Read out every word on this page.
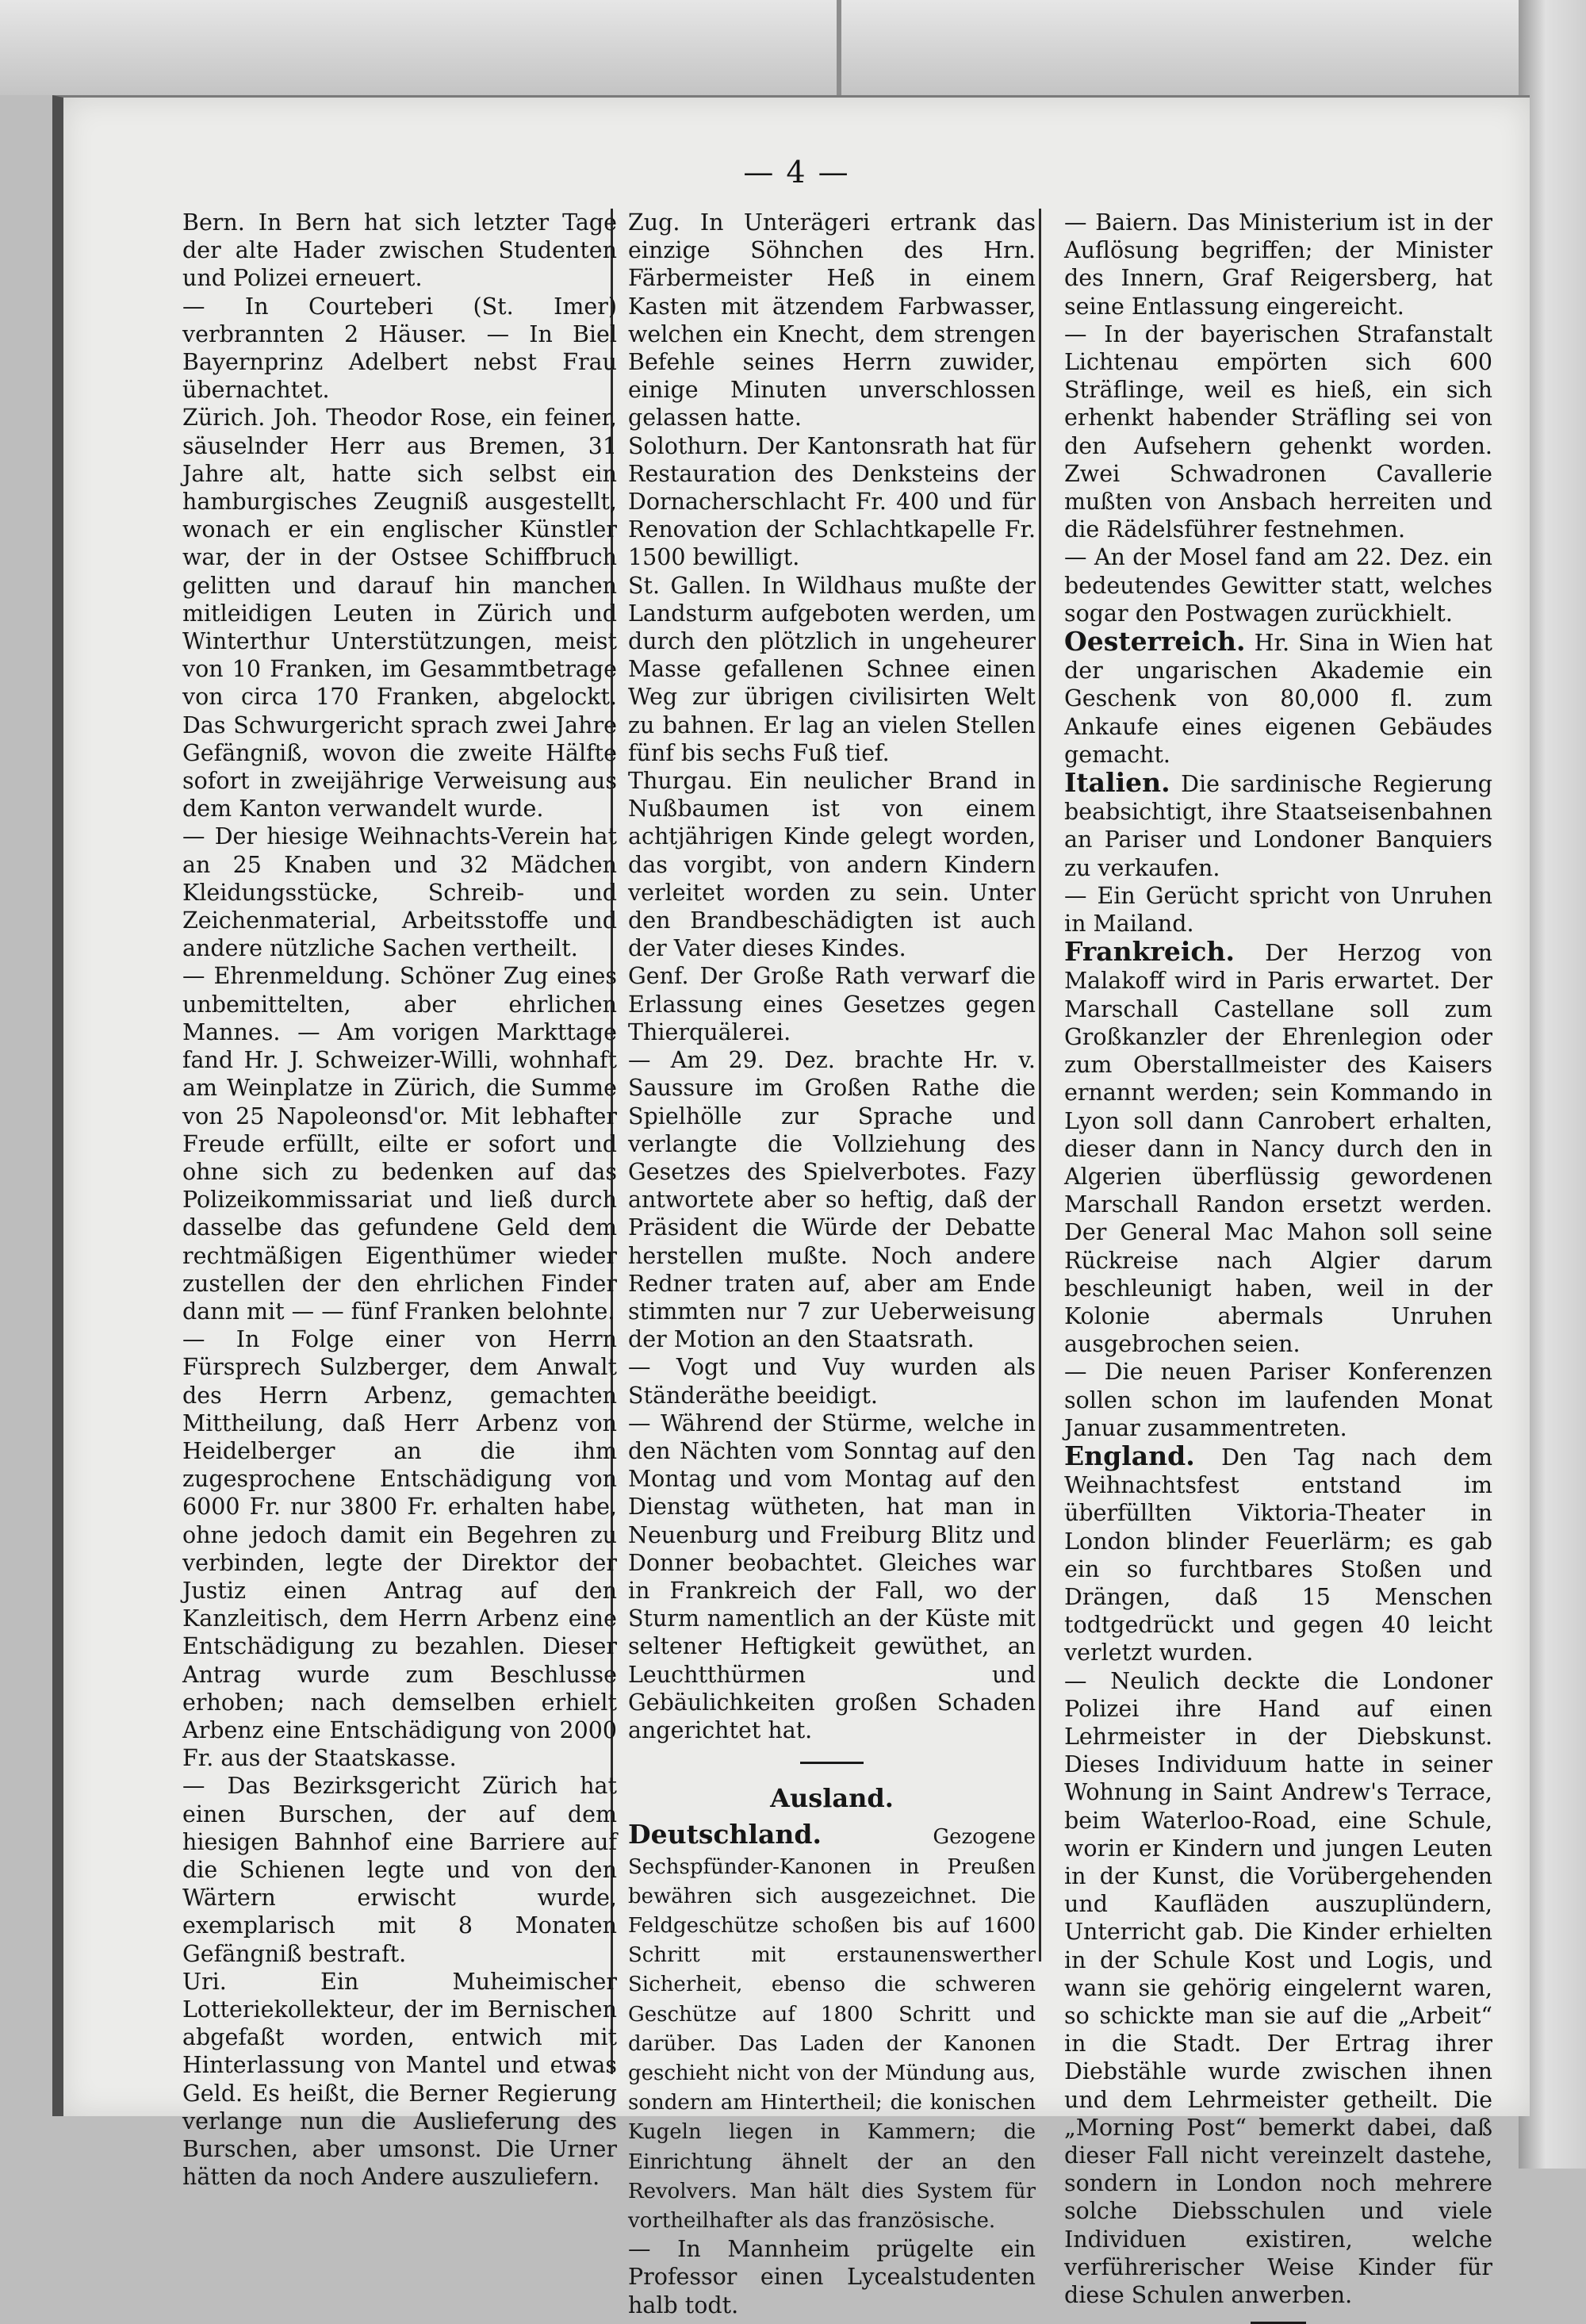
— 4 —

Bern. In Bern hat sich letzter Tage der alte Hader zwischen Studenten und Polizei erneuert.

— In Courteberi (St. Imer) verbrannten 2 Häuser. — In Biel Bayernprinz Adelbert nebst Frau übernachtet.

Zürich. Joh. Theodor Rose, ein feiner, säuselnder Herr aus Bremen, 31 Jahre alt, hatte sich selbst ein hamburgisches Zeugniß ausgestellt, wonach er ein englischer Künstler war, der in der Ostsee Schiffbruch gelitten und darauf hin manchen mitleidigen Leuten in Zürich und Winterthur Unterstützungen, meist von 10 Franken, im Gesammtbetrage von circa 170 Franken, abgelockt. Das Schwurgericht sprach zwei Jahre Gefängniß, wovon die zweite Hälfte sofort in zweijährige Verweisung aus dem Kanton verwandelt wurde.

— Der hiesige Weihnachts-Verein hat an 25 Knaben und 32 Mädchen Kleidungsstücke, Schreib- und Zeichenmaterial, Arbeitsstoffe und andere nützliche Sachen vertheilt.

— Ehrenmeldung. Schöner Zug eines unbemittelten, aber ehrlichen Mannes. — Am vorigen Markttage fand Hr. J. Schweizer-Willi, wohnhaft am Weinplatze in Zürich, die Summe von 25 Napoleonsd'or. Mit lebhafter Freude erfüllt, eilte er sofort und ohne sich zu bedenken auf das Polizeikommissariat und ließ durch dasselbe das gefundene Geld dem rechtmäßigen Eigenthümer wieder zustellen der den ehrlichen Finder dann mit — — fünf Franken belohnte.

— In Folge einer von Herrn Fürsprech Sulzberger, dem Anwalt des Herrn Arbenz, gemachten Mittheilung, daß Herr Arbenz von Heidelberger an die ihm zugesprochene Entschädigung von 6000 Fr. nur 3800 Fr. erhalten habe, ohne jedoch damit ein Begehren zu verbinden, legte der Direktor der Justiz einen Antrag auf den Kanzleitisch, dem Herrn Arbenz eine Entschädigung zu bezahlen. Dieser Antrag wurde zum Beschlusse erhoben; nach demselben erhielt Arbenz eine Entschädigung von 2000 Fr. aus der Staatskasse.

— Das Bezirksgericht Zürich hat einen Burschen, der auf dem hiesigen Bahnhof eine Barriere auf die Schienen legte und von den Wärtern erwischt wurde, exemplarisch mit 8 Monaten Gefängniß bestraft.

Uri. Ein Muheimischer Lotteriekollekteur, der im Bernischen abgefaßt worden, entwich mit Hinterlassung von Mantel und etwas Geld. Es heißt, die Berner Regierung verlange nun die Auslieferung des Burschen, aber umsonst. Die Urner hätten da noch Andere auszuliefern.

Zug. In Unterägeri ertrank das einzige Söhnchen des Hrn. Färbermeister Heß in einem Kasten mit ätzendem Farbwasser, welchen ein Knecht, dem strengen Befehle seines Herrn zuwider, einige Minuten unverschlossen gelassen hatte.

Solothurn. Der Kantonsrath hat für Restauration des Denksteins der Dornacherschlacht Fr. 400 und für Renovation der Schlachtkapelle Fr. 1500 bewilligt.

St. Gallen. In Wildhaus mußte der Landsturm aufgeboten werden, um durch den plötzlich in ungeheurer Masse gefallenen Schnee einen Weg zur übrigen civilisirten Welt zu bahnen. Er lag an vielen Stellen fünf bis sechs Fuß tief.

Thurgau. Ein neulicher Brand in Nußbaumen ist von einem achtjährigen Kinde gelegt worden, das vorgibt, von andern Kindern verleitet worden zu sein. Unter den Brandbeschädigten ist auch der Vater dieses Kindes.

Genf. Der Große Rath verwarf die Erlassung eines Gesetzes gegen Thierquälerei.

— Am 29. Dez. brachte Hr. v. Saussure im Großen Rathe die Spielhölle zur Sprache und verlangte die Vollziehung des Gesetzes des Spielverbotes. Fazy antwortete aber so heftig, daß der Präsident die Würde der Debatte herstellen mußte. Noch andere Redner traten auf, aber am Ende stimmten nur 7 zur Ueberweisung der Motion an den Staatsrath.

— Vogt und Vuy wurden als Ständeräthe beeidigt.

— Während der Stürme, welche in den Nächten vom Sonntag auf den Montag und vom Montag auf den Dienstag wütheten, hat man in Neuenburg und Freiburg Blitz und Donner beobachtet. Gleiches war in Frankreich der Fall, wo der Sturm namentlich an der Küste mit seltener Heftigkeit gewüthet, an Leuchtthürmen und Gebäulichkeiten großen Schaden angerichtet hat.

Ausland.

Deutschland.	Gezogene Sechspfünder-Kanonen in Preußen bewähren sich ausgezeichnet. Die Feldgeschütze schoßen bis auf 1600 Schritt mit erstaunenswerther Sicherheit, ebenso die schweren Geschütze auf 1800 Schritt und darüber. Das Laden der Kanonen geschieht nicht von der Mündung aus, sondern am Hintertheil; die konischen Kugeln liegen in Kammern; die Einrichtung ähnelt der an den Revolvers. Man hält dies System für vortheilhafter als das französische.

— In Mannheim prügelte ein Professor einen Lycealstudenten halb todt.

— Baiern. Das Ministerium ist in der Auflösung begriffen; der Minister des Innern, Graf Reigersberg, hat seine Entlassung eingereicht.

— In der bayerischen Strafanstalt Lichtenau empörten sich 600 Sträflinge, weil es hieß, ein sich erhenkt habender Sträfling sei von den Aufsehern gehenkt worden. Zwei Schwadronen Cavallerie mußten von Ansbach herreiten und die Rädelsführer festnehmen.

— An der Mosel fand am 22. Dez. ein bedeutendes Gewitter statt, welches sogar den Postwagen zurückhielt.

Oesterreich. Hr. Sina in Wien hat der ungarischen Akademie ein Geschenk von 80,000 fl. zum Ankaufe eines eigenen Gebäudes gemacht.

Italien. Die sardinische Regierung beabsichtigt, ihre Staatseisenbahnen an Pariser und Londoner Banquiers zu verkaufen.

— Ein Gerücht spricht von Unruhen in Mailand.

Frankreich. Der Herzog von Malakoff wird in Paris erwartet. Der Marschall Castellane soll zum Großkanzler der Ehrenlegion oder zum Oberstallmeister des Kaisers ernannt werden; sein Kommando in Lyon soll dann Canrobert erhalten, dieser dann in Nancy durch den in Algerien überflüssig gewordenen Marschall Randon ersetzt werden. Der General Mac Mahon soll seine Rückreise nach Algier darum beschleunigt haben, weil in der Kolonie abermals Unruhen ausgebrochen seien.

— Die neuen Pariser Konferenzen sollen schon im laufenden Monat Januar zusammentreten.

England. Den Tag nach dem Weihnachtsfest entstand im überfüllten Viktoria-Theater in London blinder Feuerlärm; es gab ein so furchtbares Stoßen und Drängen, daß 15 Menschen todtgedrückt und gegen 40 leicht verletzt wurden.

— Neulich deckte die Londoner Polizei ihre Hand auf einen Lehrmeister in der Diebskunst. Dieses Individuum hatte in seiner Wohnung in Saint Andrew's Terrace, beim Waterloo-Road, eine Schule, worin er Kindern und jungen Leuten in der Kunst, die Vorübergehenden und Kaufläden auszuplündern, Unterricht gab. Die Kinder erhielten in der Schule Kost und Logis, und wann sie gehörig eingelernt waren, so schickte man sie auf die „Arbeit“ in die Stadt. Der Ertrag ihrer Diebstähle wurde zwischen ihnen und dem Lehrmeister getheilt. Die „Morning Post“ bemerkt dabei, daß dieser Fall nicht vereinzelt dastehe, sondern in London noch mehrere solche Diebsschulen und viele Individuen existiren, welche verführerischer Weise Kinder für diese Schulen anwerben.
